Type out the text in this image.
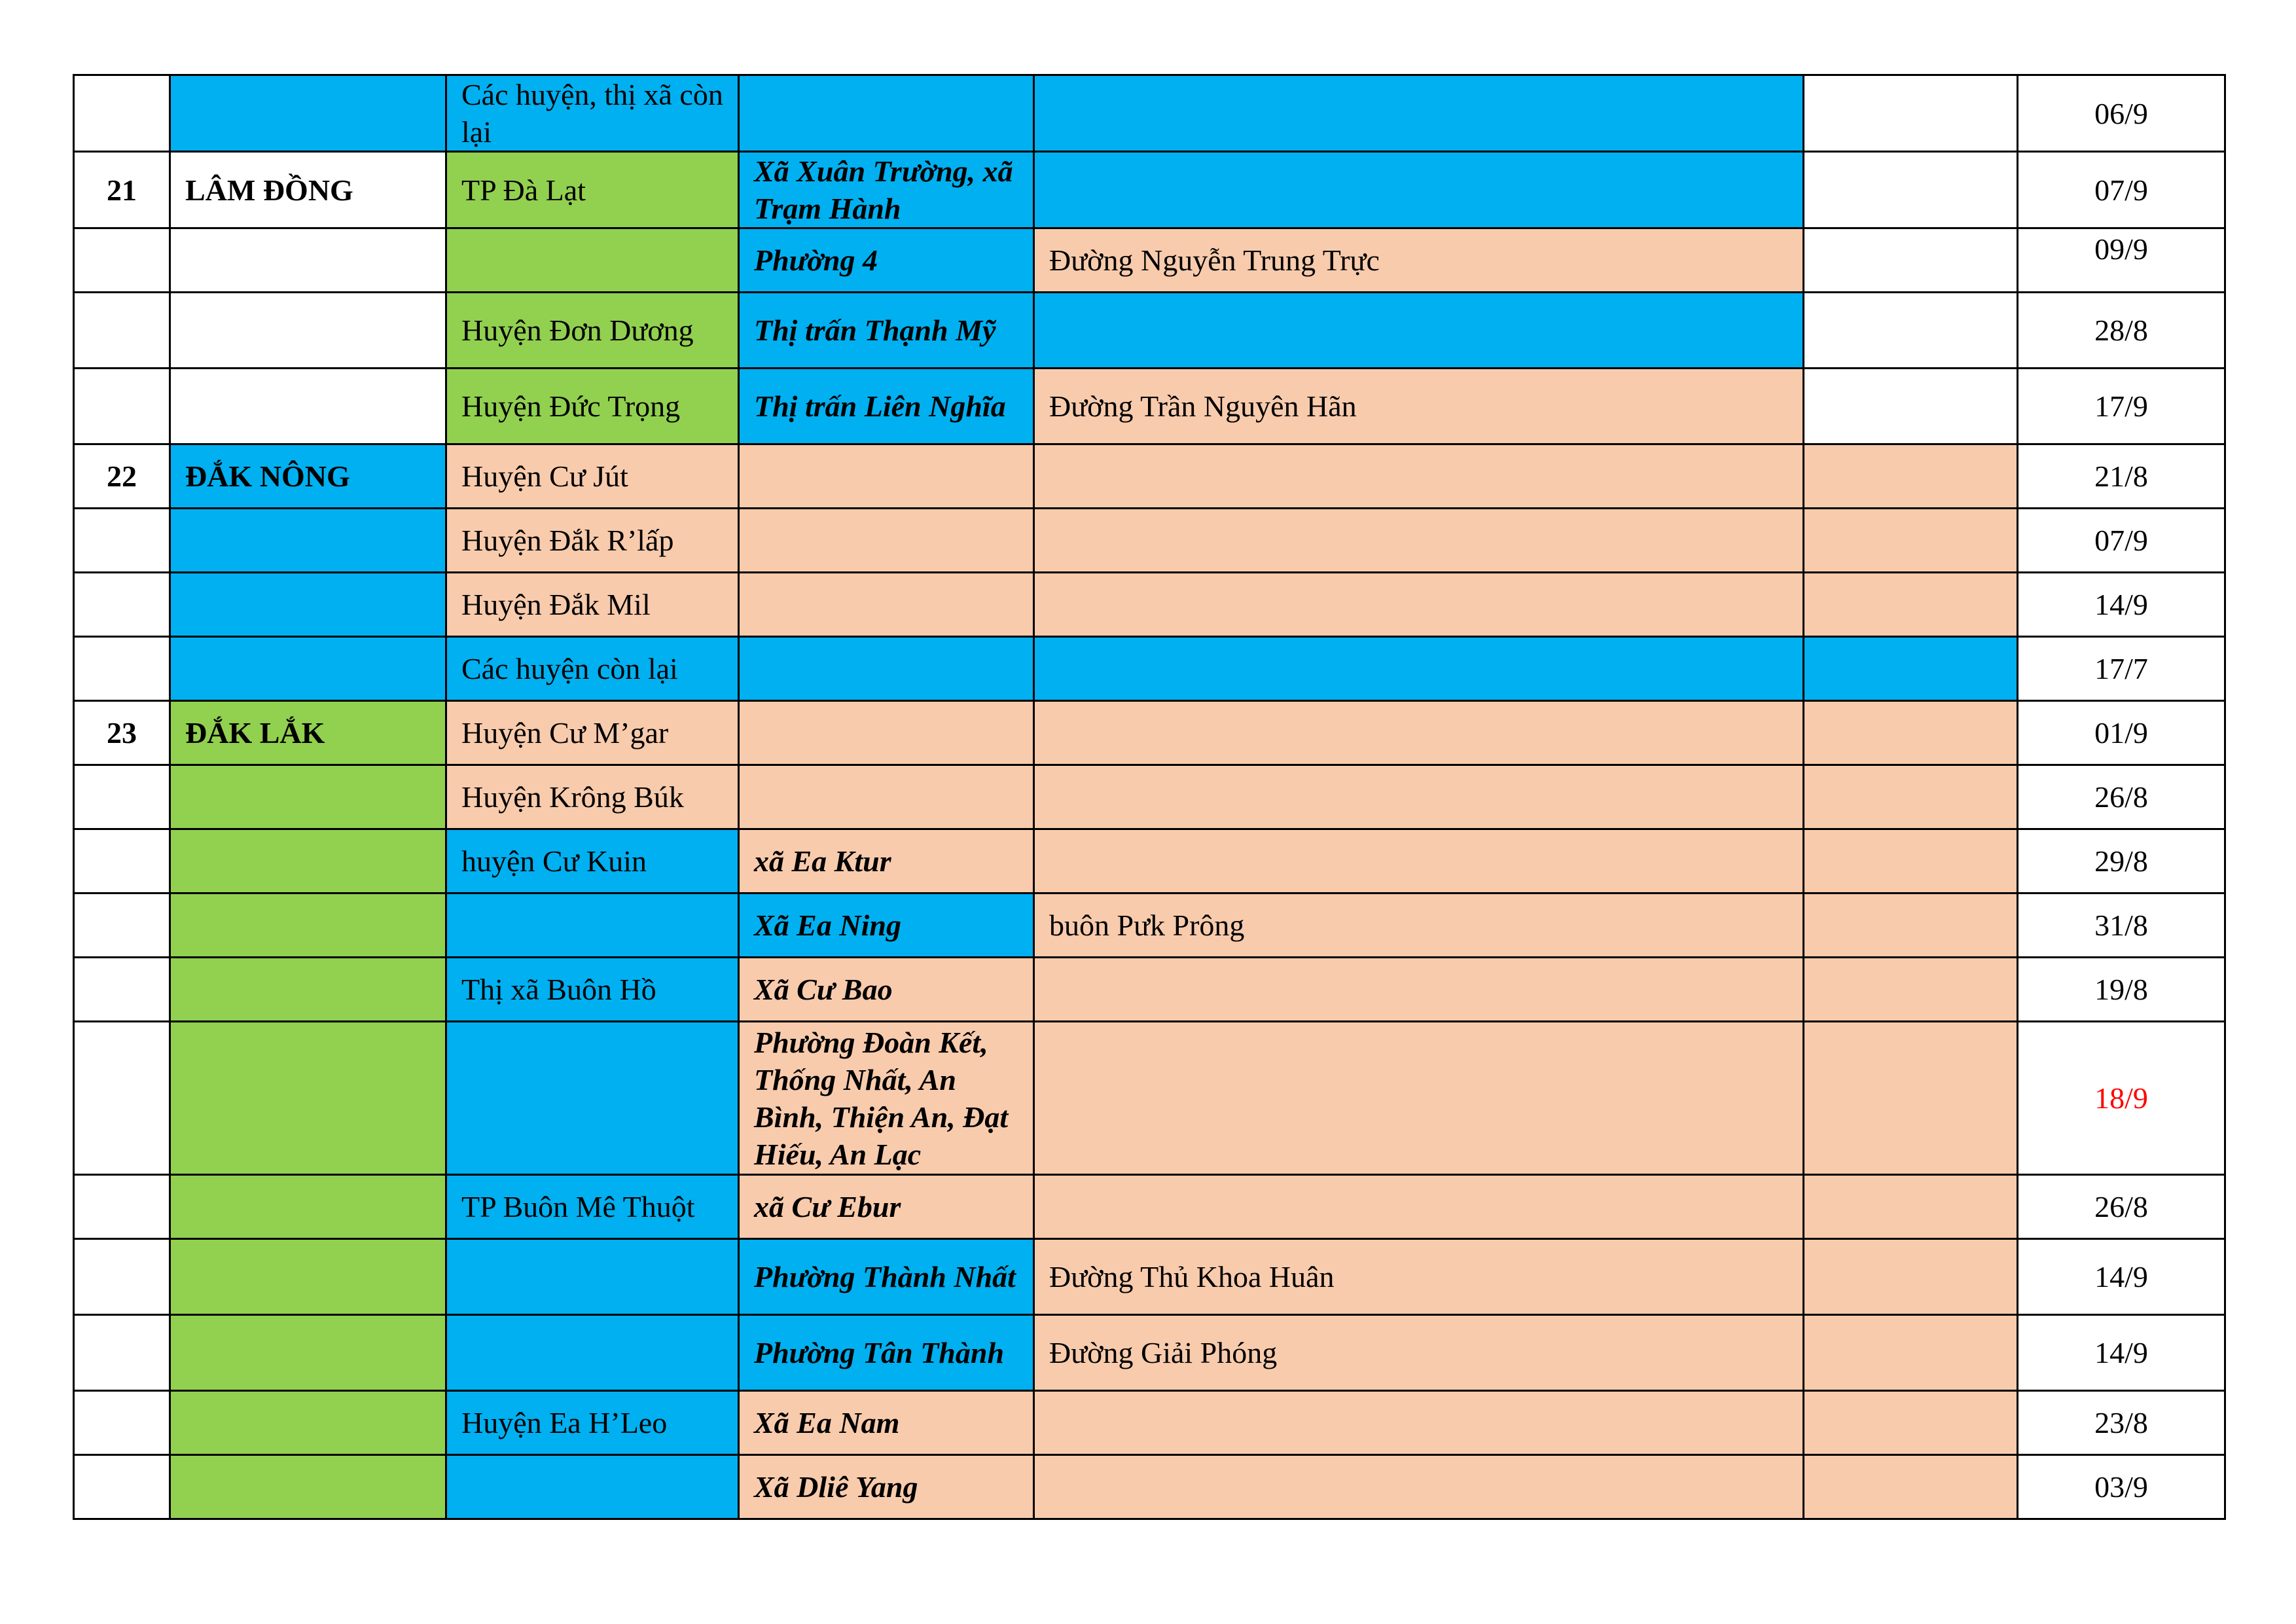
		Các huyện, thị xã còn lại				06/9
21	LÂM ĐỒNG	TP Đà Lạt	Xã Xuân Trường, xã Trạm Hành			07/9
			Phường 4	Đường Nguyễn Trung Trực		09/9
		Huyện Đơn Dương	Thị trấn Thạnh Mỹ			28/8
		Huyện Đức Trọng	Thị trấn Liên Nghĩa	Đường Trần Nguyên Hãn		17/9
22	ĐẮK NÔNG	Huyện Cư Jút				21/8
		Huyện Đắk R’lấp				07/9
		Huyện Đắk Mil				14/9
		Các huyện còn lại				17/7
23	ĐẮK LẮK	Huyện Cư M’gar				01/9
		Huyện Krông Búk				26/8
		huyện Cư Kuin	xã Ea Ktur			29/8
			Xã Ea Ning	buôn Pưk Prông		31/8
		Thị xã Buôn Hồ	Xã Cư Bao			19/8
			Phường Đoàn Kết, Thống Nhất, An Bình, Thiện An, Đạt Hiếu, An Lạc			18/9
		TP Buôn Mê Thuột	xã Cư Ebur			26/8
			Phường Thành Nhất	Đường Thủ Khoa Huân		14/9
			Phường Tân Thành	Đường Giải Phóng		14/9
		Huyện Ea H’Leo	Xã Ea Nam			23/8
			Xã Dliê Yang			03/9
